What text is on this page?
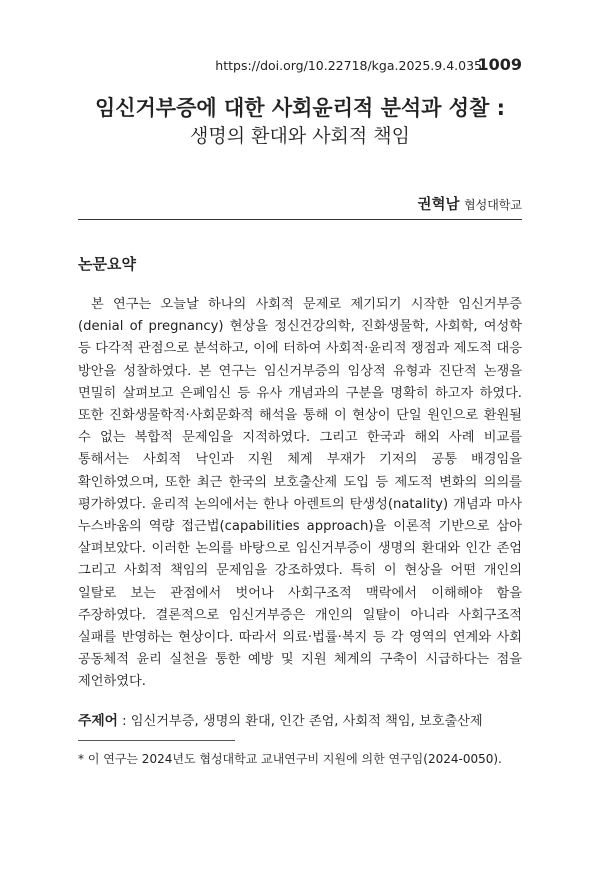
https://doi.org/10.22718/kga.2025.9.4.035
1009
임신거부증에 대한 사회윤리적 분석과 성찰 :
생명의 환대와 사회적 책임
권혁남 협성대학교
논문요약
본 연구는 오늘날 하나의 사회적 문제로 제기되기 시작한 임신거부증(denial of pregnancy) 현상을 정신건강의학, 진화생물학, 사회학, 여성학 등 다각적 관점으로 분석하고, 이에 터하여 사회적·윤리적 쟁점과 제도적 대응 방안을 성찰하였다. 본 연구는 임신거부증의 임상적 유형과 진단적 논쟁을 면밀히 살펴보고 은폐임신 등 유사 개념과의 구분을 명확히 하고자 하였다. 또한 진화생물학적·사회문화적 해석을 통해 이 현상이 단일 원인으로 환원될 수 없는 복합적 문제임을 지적하였다. 그리고 한국과 해외 사례 비교를 통해서는 사회적 낙인과 지원 체계 부재가 기저의 공통 배경임을 확인하였으며, 또한 최근 한국의 보호출산제 도입 등 제도적 변화의 의의를 평가하였다. 윤리적 논의에서는 한나 아렌트의 탄생성(natality) 개념과 마사 누스바움의 역량 접근법(capabilities approach)을 이론적 기반으로 삼아 살펴보았다. 이러한 논의를 바탕으로 임신거부증이 생명의 환대와 인간 존엄 그리고 사회적 책임의 문제임을 강조하였다. 특히 이 현상을 어떤 개인의 일탈로 보는 관점에서 벗어나 사회구조적 맥락에서 이해해야 함을 주장하였다. 결론적으로 임신거부증은 개인의 일탈이 아니라 사회구조적 실패를 반영하는 현상이다. 따라서 의료·법률·복지 등 각 영역의 연계와 사회 공동체적 윤리 실천을 통한 예방 및 지원 체계의 구축이 시급하다는 점을 제언하였다.
주제어 : 임신거부증, 생명의 환대, 인간 존엄, 사회적 책임, 보호출산제
* 이 연구는 2024년도 협성대학교 교내연구비 지원에 의한 연구임(2024-0050).
